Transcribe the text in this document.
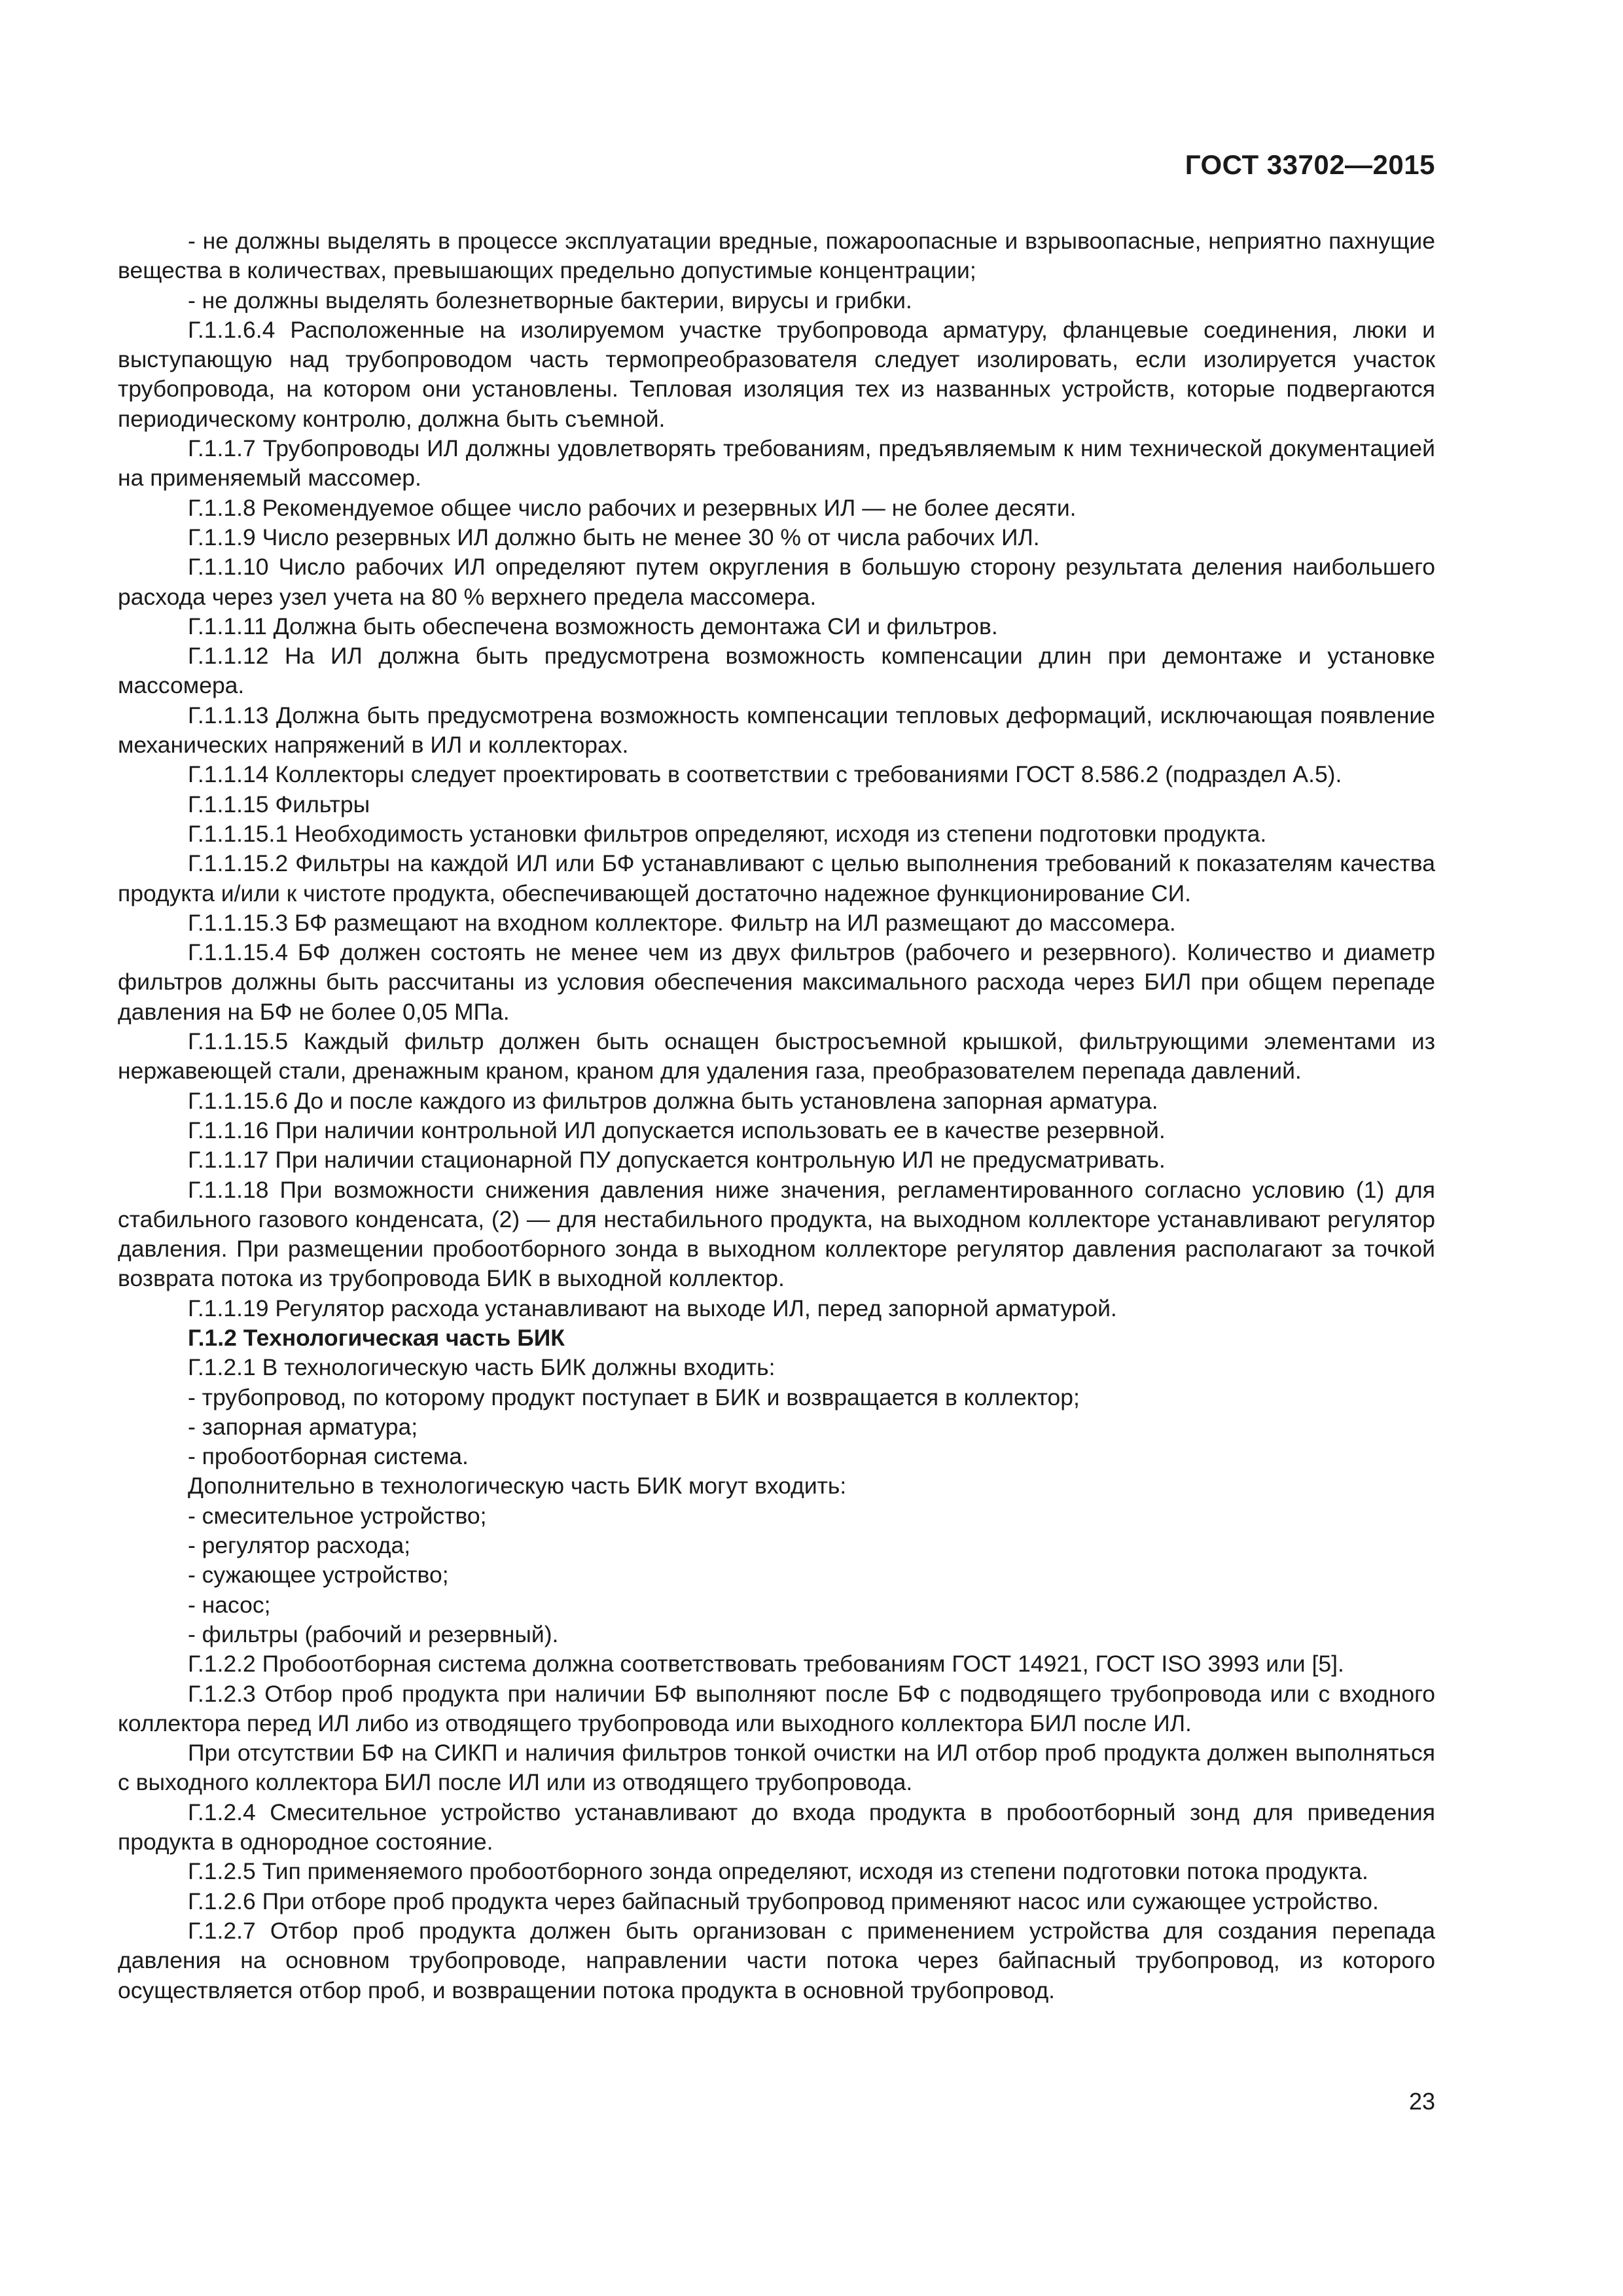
ГОСТ 33702—2015

- не должны выделять в процессе эксплуатации вредные, пожароопасные и взрывоопасные, неприятно пахнущие вещества в количествах, превышающих предельно допустимые концентрации;

- не должны выделять болезнетворные бактерии, вирусы и грибки.

Г.1.1.6.4 Расположенные на изолируемом участке трубопровода арматуру, фланцевые соединения, люки и выступающую над трубопроводом часть термопреобразователя следует изолировать, если изолируется участок трубопровода, на котором они установлены. Тепловая изоляция тех из названных устройств, которые подвергаются периодическому контролю, должна быть съемной.

Г.1.1.7 Трубопроводы ИЛ должны удовлетворять требованиям, предъявляемым к ним технической документацией на применяемый массомер.

Г.1.1.8 Рекомендуемое общее число рабочих и резервных ИЛ — не более десяти.

Г.1.1.9 Число резервных ИЛ должно быть не менее 30 % от числа рабочих ИЛ.

Г.1.1.10 Число рабочих ИЛ определяют путем округления в большую сторону результата деления наибольшего расхода через узел учета на 80 % верхнего предела массомера.

Г.1.1.11 Должна быть обеспечена возможность демонтажа СИ и фильтров.

Г.1.1.12 На ИЛ должна быть предусмотрена возможность компенсации длин при демонтаже и установке массомера.

Г.1.1.13 Должна быть предусмотрена возможность компенсации тепловых деформаций, исключающая появление механических напряжений в ИЛ и коллекторах.

Г.1.1.14 Коллекторы следует проектировать в соответствии с требованиями ГОСТ 8.586.2 (подраздел А.5).

Г.1.1.15 Фильтры

Г.1.1.15.1 Необходимость установки фильтров определяют, исходя из степени подготовки продукта.

Г.1.1.15.2 Фильтры на каждой ИЛ или БФ устанавливают с целью выполнения требований к показателям качества продукта и/или к чистоте продукта, обеспечивающей достаточно надежное функционирование СИ.

Г.1.1.15.3 БФ размещают на входном коллекторе. Фильтр на ИЛ размещают до массомера.

Г.1.1.15.4 БФ должен состоять не менее чем из двух фильтров (рабочего и резервного). Количество и диаметр фильтров должны быть рассчитаны из условия обеспечения максимального расхода через БИЛ при общем перепаде давления на БФ не более 0,05 МПа.

Г.1.1.15.5 Каждый фильтр должен быть оснащен быстросъемной крышкой, фильтрующими элементами из нержавеющей стали, дренажным краном, краном для удаления газа, преобразователем перепада давлений.

Г.1.1.15.6 До и после каждого из фильтров должна быть установлена запорная арматура.

Г.1.1.16 При наличии контрольной ИЛ допускается использовать ее в качестве резервной.

Г.1.1.17 При наличии стационарной ПУ допускается контрольную ИЛ не предусматривать.

Г.1.1.18 При возможности снижения давления ниже значения, регламентированного согласно условию (1) для стабильного газового конденсата, (2) — для нестабильного продукта, на выходном коллекторе устанавливают регулятор давления. При размещении пробоотборного зонда в выходном коллекторе регулятор давления располагают за точкой возврата потока из трубопровода БИК в выходной коллектор.

Г.1.1.19 Регулятор расхода устанавливают на выходе ИЛ, перед запорной арматурой.

Г.1.2 Технологическая часть БИК

Г.1.2.1 В технологическую часть БИК должны входить:

- трубопровод, по которому продукт поступает в БИК и возвращается в коллектор;

- запорная арматура;

- пробоотборная система.

Дополнительно в технологическую часть БИК могут входить:

- смесительное устройство;

- регулятор расхода;

- сужающее устройство;

- насос;

- фильтры (рабочий и резервный).

Г.1.2.2 Пробоотборная система должна соответствовать требованиям ГОСТ 14921, ГОСТ ISO 3993 или [5].

Г.1.2.3 Отбор проб продукта при наличии БФ выполняют после БФ с подводящего трубопровода или с входного коллектора перед ИЛ либо из отводящего трубопровода или выходного коллектора БИЛ после ИЛ.

При отсутствии БФ на СИКП и наличия фильтров тонкой очистки на ИЛ отбор проб продукта должен выполняться с выходного коллектора БИЛ после ИЛ или из отводящего трубопровода.

Г.1.2.4 Смесительное устройство устанавливают до входа продукта в пробоотборный зонд для приведения продукта в однородное состояние.

Г.1.2.5 Тип применяемого пробоотборного зонда определяют, исходя из степени подготовки потока продукта.

Г.1.2.6 При отборе проб продукта через байпасный трубопровод применяют насос или сужающее устройство.

Г.1.2.7 Отбор проб продукта должен быть организован с применением устройства для создания перепада давления на основном трубопроводе, направлении части потока через байпасный трубопровод, из которого осуществляется отбор проб, и возвращении потока продукта в основной трубопровод.

23
